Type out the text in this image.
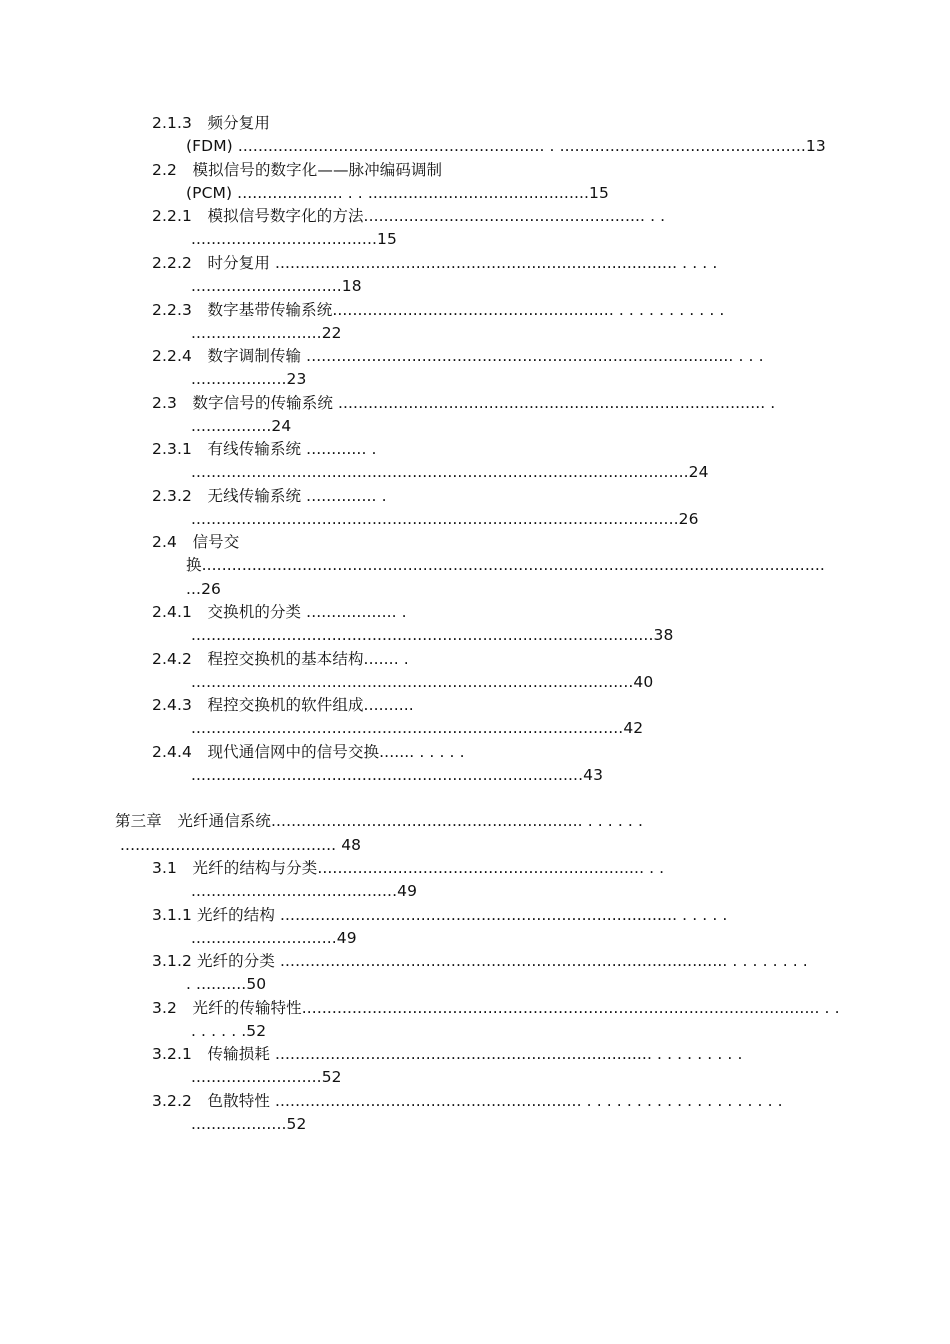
2.1.3　频分复用
(FDM) ............................................................. . .................................................13
2.2　模拟信号的数字化——脉冲编码调制
(PCM) ..................... . . ............................................15
2.2.1　模拟信号数字化的方法........................................................ . .
.....................................15
2.2.2　时分复用 ................................................................................ . . . .
..............................18
2.2.3　数字基带传输系统........................................................ . . . . . . . . . . .
..........................22
2.2.4　数字调制传输 ..................................................................................... . . .
...................23
2.3　数字信号的传输系统 ..................................................................................... .
................24
2.3.1　有线传输系统 ............ .
...................................................................................................24
2.3.2　无线传输系统 .............. .
.................................................................................................26
2.4　信号交
换............................................................................................................................
...26
2.4.1　交换机的分类 .................. .
............................................................................................38
2.4.2　程控交换机的基本结构....... .
........................................................................................40
2.4.3　程控交换机的软件组成..........
......................................................................................42
2.4.4　现代通信网中的信号交换....... . . . . .
..............................................................................43
第三章　光纤通信系统.............................................................. . . . . . .
........................................... 48
3.1　光纤的结构与分类................................................................. . .
.........................................49
3.1.1 光纤的结构 ............................................................................... . . . . .
.............................49
3.1.2 光纤的分类 ......................................................................................... . . . . . . . .
. ..........50
3.2　光纤的传输特性....................................................................................................... . .
. . . . . .52
3.2.1　传输损耗 ........................................................................... . . . . . . . . .
..........................52
3.2.2　色散特性 ............................................................. . . . . . . . . . . . . . . . . . . . .
...................52
